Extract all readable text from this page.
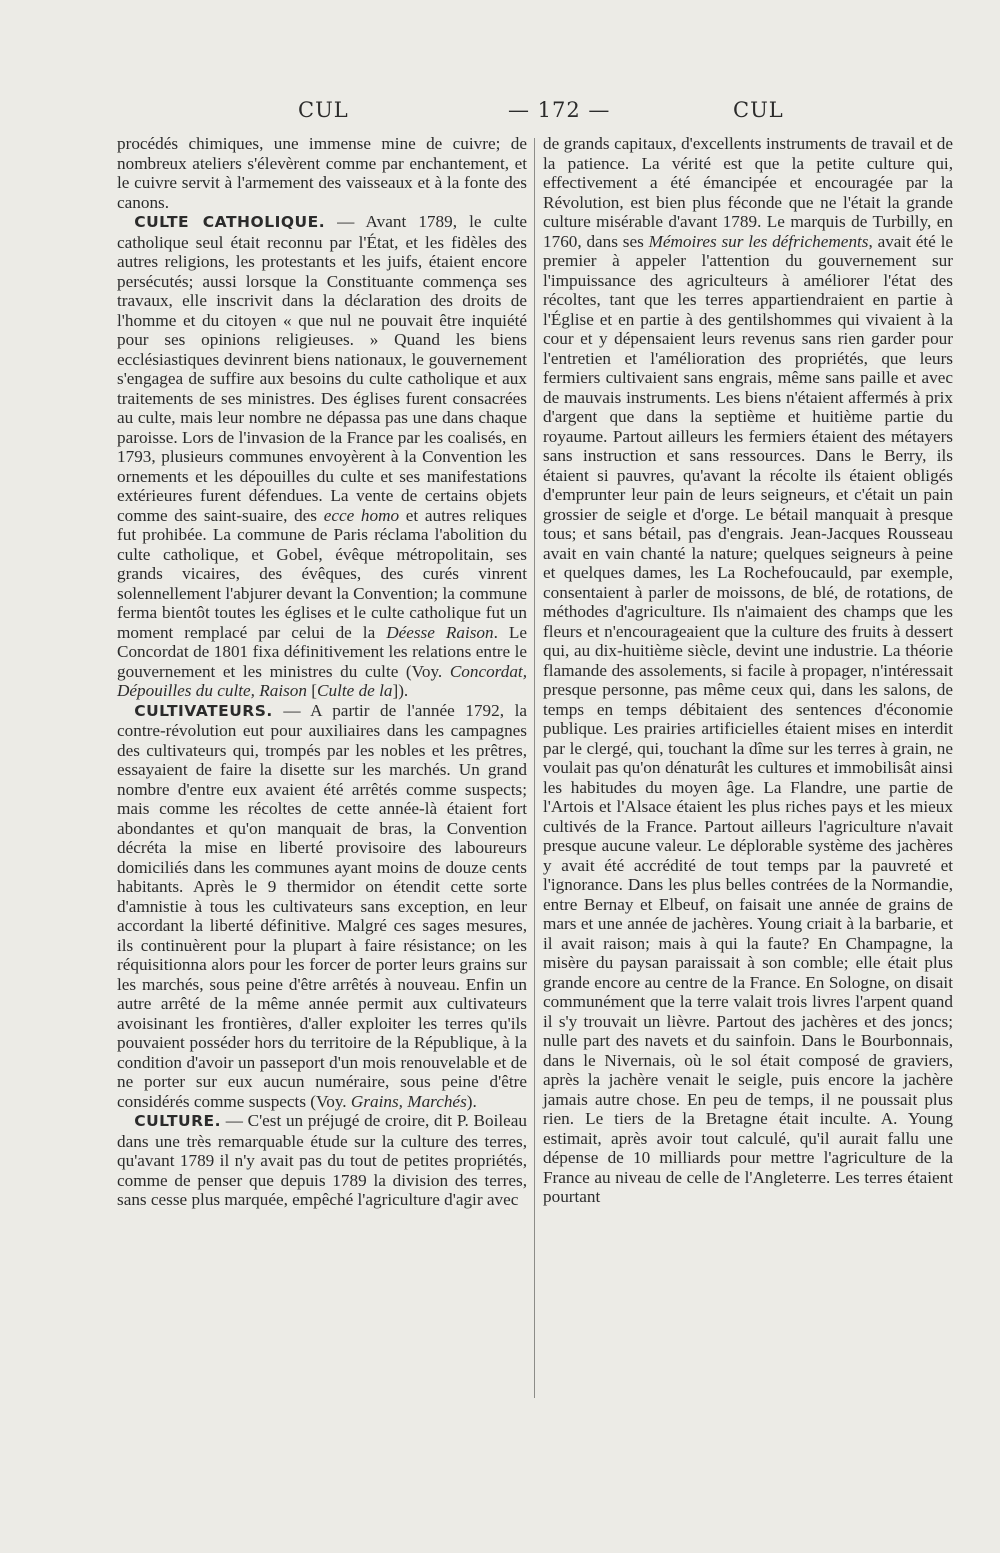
CUL	— 172 —	CUL

procédés chimiques, une immense mine de cuivre; de nombreux ateliers s'élevèrent comme par enchantement, et le cuivre servit à l'armement des vaisseaux et à la fonte des canons.

 CULTE CATHOLIQUE. — Avant 1789, le culte catholique seul était reconnu par l'État, et les fidèles des autres religions, les protestants et les juifs, étaient encore persécutés; aussi lorsque la Constituante commença ses travaux, elle inscrivit dans la déclaration des droits de l'homme et du citoyen « que nul ne pouvait être inquiété pour ses opinions religieuses. » Quand les biens ecclésiastiques devinrent biens nationaux, le gouvernement s'engagea de suffire aux besoins du culte catholique et aux traitements de ses ministres. Des églises furent consacrées au culte, mais leur nombre ne dépassa pas une dans chaque paroisse. Lors de l'invasion de la France par les coalisés, en 1793, plusieurs communes envoyèrent à la Convention les ornements et les dépouilles du culte et ses manifestations extérieures furent défendues. La vente de certains objets comme des saint-suaire, des ecce homo et autres reliques fut prohibée. La commune de Paris réclama l'abolition du culte catholique, et Gobel, évêque métropolitain, ses grands vicaires, des évêques, des curés vinrent solennellement l'abjurer devant la Convention; la commune ferma bientôt toutes les églises et le culte catholique fut un moment remplacé par celui de la Déesse Raison. Le Concordat de 1801 fixa définitivement les relations entre le gouvernement et les ministres du culte (Voy. Concordat, Dépouilles du culte, Raison [Culte de la]).

 CULTIVATEURS. — A partir de l'année 1792, la contre-révolution eut pour auxiliaires dans les campagnes des cultivateurs qui, trompés par les nobles et les prêtres, essayaient de faire la disette sur les marchés. Un grand nombre d'entre eux avaient été arrêtés comme suspects; mais comme les récoltes de cette année-là étaient fort abondantes et qu'on manquait de bras, la Convention décréta la mise en liberté provisoire des laboureurs domiciliés dans les communes ayant moins de douze cents habitants. Après le 9 thermidor on étendit cette sorte d'amnistie à tous les cultivateurs sans exception, en leur accordant la liberté définitive. Malgré ces sages mesures, ils continuèrent pour la plupart à faire résistance; on les réquisitionna alors pour les forcer de porter leurs grains sur les marchés, sous peine d'être arrêtés à nouveau. Enfin un autre arrêté de la même année permit aux cultivateurs avoisinant les frontières, d'aller exploiter les terres qu'ils pouvaient posséder hors du territoire de la République, à la condition d'avoir un passeport d'un mois renouvelable et de ne porter sur eux aucun numéraire, sous peine d'être considérés comme suspects (Voy. Grains, Marchés).

 CULTURE. — C'est un préjugé de croire, dit P. Boileau dans une très remarquable étude sur la culture des terres, qu'avant 1789 il n'y avait pas du tout de petites propriétés, comme de penser que depuis 1789 la division des terres, sans cesse plus marquée, empêché l'agriculture d'agir avec

de grands capitaux, d'excellents instruments de travail et de la patience. La vérité est que la petite culture qui, effectivement a été émancipée et encouragée par la Révolution, est bien plus féconde que ne l'était la grande culture misérable d'avant 1789. Le marquis de Turbilly, en 1760, dans ses Mémoires sur les défrichements, avait été le premier à appeler l'attention du gouvernement sur l'impuissance des agriculteurs à améliorer l'état des récoltes, tant que les terres appartiendraient en partie à l'Église et en partie à des gentilshommes qui vivaient à la cour et y dépensaient leurs revenus sans rien garder pour l'entretien et l'amélioration des propriétés, que leurs fermiers cultivaient sans engrais, même sans paille et avec de mauvais instruments. Les biens n'étaient affermés à prix d'argent que dans la septième et huitième partie du royaume. Partout ailleurs les fermiers étaient des métayers sans instruction et sans ressources. Dans le Berry, ils étaient si pauvres, qu'avant la récolte ils étaient obligés d'emprunter leur pain de leurs seigneurs, et c'était un pain grossier de seigle et d'orge. Le bétail manquait à presque tous; et sans bétail, pas d'engrais. Jean-Jacques Rousseau avait en vain chanté la nature; quelques seigneurs à peine et quelques dames, les La Rochefoucauld, par exemple, consentaient à parler de moissons, de blé, de rotations, de méthodes d'agriculture. Ils n'aimaient des champs que les fleurs et n'encourageaient que la culture des fruits à dessert qui, au dix-huitième siècle, devint une industrie. La théorie flamande des assolements, si facile à propager, n'intéressait presque personne, pas même ceux qui, dans les salons, de temps en temps débitaient des sentences d'économie publique. Les prairies artificielles étaient mises en interdit par le clergé, qui, touchant la dîme sur les terres à grain, ne voulait pas qu'on dénaturât les cultures et immobilisât ainsi les habitudes du moyen âge. La Flandre, une partie de l'Artois et l'Alsace étaient les plus riches pays et les mieux cultivés de la France. Partout ailleurs l'agriculture n'avait presque aucune valeur. Le déplorable système des jachères y avait été accrédité de tout temps par la pauvreté et l'ignorance. Dans les plus belles contrées de la Normandie, entre Bernay et Elbeuf, on faisait une année de grains de mars et une année de jachères. Young criait à la barbarie, et il avait raison; mais à qui la faute? En Champagne, la misère du paysan paraissait à son comble; elle était plus grande encore au centre de la France. En Sologne, on disait communément que la terre valait trois livres l'arpent quand il s'y trouvait un lièvre. Partout des jachères et des joncs; nulle part des navets et du sainfoin. Dans le Bourbonnais, dans le Nivernais, où le sol était composé de graviers, après la jachère venait le seigle, puis encore la jachère jamais autre chose. En peu de temps, il ne poussait plus rien. Le tiers de la Bretagne était inculte. A. Young estimait, après avoir tout calculé, qu'il aurait fallu une dépense de 10 milliards pour mettre l'agriculture de la France au niveau de celle de l'Angleterre. Les terres étaient pourtant
